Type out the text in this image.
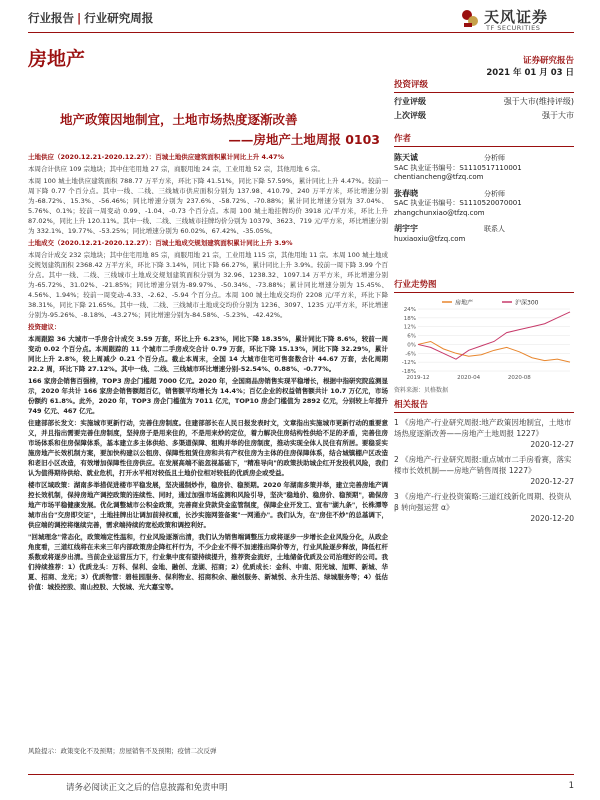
行业报告 | 行业研究周报	天风证券
TF SECURITIES
房地产	证券研究报告
2021 年 01 月 03 日
地产政策因地制宜，土地市场热度逐渐改善
——房地产土地周报 0103

土地供应（2020.12.21-2020.12.27）：百城土地供应建筑面积累计同比上升 4.47%

本周合计供应 109 宗地块；其中住宅用地 27 宗，商服用地 24 宗，工业用地 52 宗，其他用地 6 宗。

本周 100 城土地供应建筑面积 788.77 万平方米，环比下降 41.51%，同比下降 57.59%，累计同比上升 4.47%。较前一周下降 0.77 个百分点。其中一线、二线、三线城市供应面积分别为 137.98、410.79、240 万平方米，环比增速分别为-68.72%、15.3%、-56.46%；同比增速分别为 237.6%、-58.72%、-70.88%；累计同比增速分别为 37.04%、5.76%、0.1%；较前一周变动 0.99、-1.04、-0.73 个百分点。本周 100 城土地挂牌均价 3918 元/平方米，环比上升 87.02%，同比上升 120.11%。其中一线、二线、三线城市挂牌均价分别为 10379、3623、719 元/平方米，环比增速分别为 332.1%、19.77%、-53.25%；同比增速分别为 60.02%、67.42%、-35.05%。

土地成交（2020.12.21-2020.12.27）：百城土地成交规划建筑面积累计同比上升 3.9%

本周合计成交 232 宗地块；其中住宅用地 85 宗，商服用地 21 宗，工业用地 115 宗，其他用地 11 宗。本周 100 城土地成交规划建筑面积 2368.42 万平方米，环比下降 3.14%，同比下降 66.27%，累计同比上升 3.9%。较前一周下降 3.99 个百分点。其中一线、二线、三线城市土地成交规划建筑面积分别为 32.96、1238.32、1097.14 万平方米，环比增速分别为-65.72%、31.02%、-21.85%；同比增速分别为-89.97%、-50.34%、-73.88%；累计同比增速分别为 15.45%、4.56%、1.94%；较前一周变动-4.33、-2.62、-5.94 个百分点。本周 100 城土地成交均价 2208 元/平方米，环比下降 38.31%，同比下降 21.65%。其中一线、二线、三线城市土地成交均价分别为 1236、3097、1235 元/平方米，环比增速分别为-95.26%、-8.18%、-43.27%；同比增速分别为-84.58%、-5.23%、-42.42%。

投资建议：

本周跟踪 36 大城市一手房合计成交 3.59 万套，环比上升 6.23%，同比下降 18.35%，累计同比下降 8.6%，较前一周变动 0.02 个百分点。本周跟踪的 11 个城市二手房成交合计 0.79 万套，环比下降 15.13%，同比下降 32.29%，累计同比上升 2.8%，较上周减少 0.21 个百分点。截止本周末，全国 14 大城市住宅可售套数合计 44.67 万套，去化周期 22.2 周，环比下降 27.12%。其中一线、二线、三线城市环比增速分别-52.54%、0.88%、-0.77%。

166 家房企销售百强榜，TOP3 房企门槛超 7000 亿元。2020 年，全国商品房销售实现平稳增长，根据中指研究院监测显示，2020 年共计 166 家房企销售额超百亿，销售额平均增长为 14.4%；百亿企业的权益销售额共计 10.7 万亿元，市场份额约 61.8%。此外，2020 年，TOP3 房企门槛值为 7011 亿元，TOP10 房企门槛值为 2892 亿元，分别较上年提升 749 亿元、467 亿元。

住建部部长发文：实施城市更新行动，完善住房制度。住建部部长在人民日报发表时文，文章指出实施城市更新行动的重要意义，并且指出需要完善住房制度，坚持房子是用来住的，不是用来炒的定位，着力解决住房结构性供给不足的矛盾，完善住房市场体系和住房保障体系，基本建立多主体供给、多渠道保障、租购并举的住房制度，推动实现全体人民住有所居。要稳妥实施房地产长效机制方案，要加快构建以公租房、保障性租赁住房和共有产权住房为主体的住房保障体系，结合城镇棚户区改造和老旧小区改造，有效增加保障性住房供应。在发展高端不能忽视基础下，"精准导向"的政策扶助城企红开发投机风险，我们认为值得期待供给、就业危机，打开水平相对较低且土地价位相对较低的优质房企或受益。

楼市区域政策：湖南多举措促进楼市平稳发展，坚决遏制炒作，稳房价、稳预期。2020 年湖南多策并举，建立完善房地产调控长效机制，保持房地产调控政策的连续性、同时，通过加强市场监测和风险引导，坚决"稳地价、稳房价、稳预期"，确保房地产市场平稳健康发展。优化调整城市公积金政策，完善商业贷款贷金监管制度，保障企业开发工、宣布"湖九条"，长株潭等城市出台"交房即交证"，土地挂牌出让调加前持权重，长沙实施网签备案"一网通办"。我们认为，在"房住不炒"的总基调下，供应端的调控将继续完善，需求端持续的宽松政策和调控利好。

"回城理念"常态化，政策端定性温和，行业风险逐渐出清，我们认为销售端调整压力或将逐步一步增长企业风险分化，从政企角度看，三道红线将在未来三年内部政策房企降杠杆行为，不少企业不得不加速推出降价等方，行业风险逐步释放，降低杠杆系数或将逐步出清。当前企业运营压力下，行业集中度有望持续提升，推荐资金流好，土地储备优质及公司治理好的公司。我们持续推荐：1）优质龙头：万科、保利、金地、融创、龙湖、招商；2）优质成长：金科、中南、阳光城、旭辉、新城、华夏、招商、龙光；3）优质物管：碧桂园服务、保利物业、招商积余、融创服务、新城悦、永升生活、绿城服务等；4）低估价值：城投控股、南山控股、大悦城、光大嘉宝等。

风险提示：政策变化不及预期；房屋销售不及预期；疫情二次反弹
投资评级
行业评级	强于大市(维持评级)
上次评级	强于大市
作者
陈天诚	分析师
SAC 执业证书编号：S1110517110001
chentiancheng@tfzq.com
张春晓	分析师
SAC 执业证书编号：S1110520070001
zhangchunxiao@tfzq.com
胡宇宇	联系人
huxiaoxiu@tfzq.com
行业走势图
房地产	沪深300
24%
18%
12%
6%
0%
-6%
-12%
-18%
2019-12	2020-04	2020-08
资料来源：贝格数据
相关报告
1 《房地产-行业研究周报:地产政策因地制宜，土地市场热度逐渐改善——房地产土地周报 1227》
2020-12-27
2 《房地产-行业研究周报:重点城市二手房看赛，落实楼市长效机制——房地产销售周报 1227》
2020-12-27
3 《房地产-行业投资策略:三道红线新化周期、投资从 β 转向强运营 α》
2020-12-20
请务必阅读正文之后的信息披露和免责申明	1
